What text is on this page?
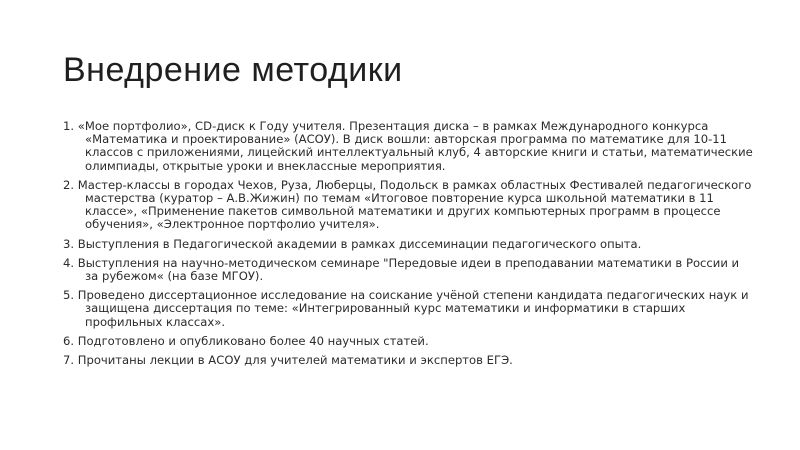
Внедрение методики
1. «Мое портфолио», CD-диск к Году учителя. Презентация диска – в рамках Международного конкурса «Математика и проектирование» (АСОУ). В диск вошли: авторская программа по математике для 10-11 классов с приложениями, лицейский интеллектуальный клуб, 4 авторские книги и статьи, математические олимпиады, открытые уроки и внеклассные мероприятия.
2. Мастер-классы в городах Чехов, Руза, Люберцы, Подольск в рамках областных Фестивалей педагогического мастерства (куратор – А.В.Жижин) по темам «Итоговое повторение курса школьной математики в 11 классе», «Применение пакетов символьной математики и других компьютерных программ в процессе обучения», «Электронное портфолио учителя».
3. Выступления в Педагогической академии в рамках диссеминации педагогического опыта.
4. Выступления на научно-методическом семинаре "Передовые идеи в преподавании математики в России и за рубежом« (на базе МГОУ).
5. Проведено диссертационное исследование на соискание учёной степени кандидата педагогических наук и защищена диссертация по теме: «Интегрированный курс математики и информатики в старших профильных классах».
6. Подготовлено и опубликовано более 40 научных статей.
7. Прочитаны лекции в АСОУ для учителей математики и экспертов ЕГЭ.
